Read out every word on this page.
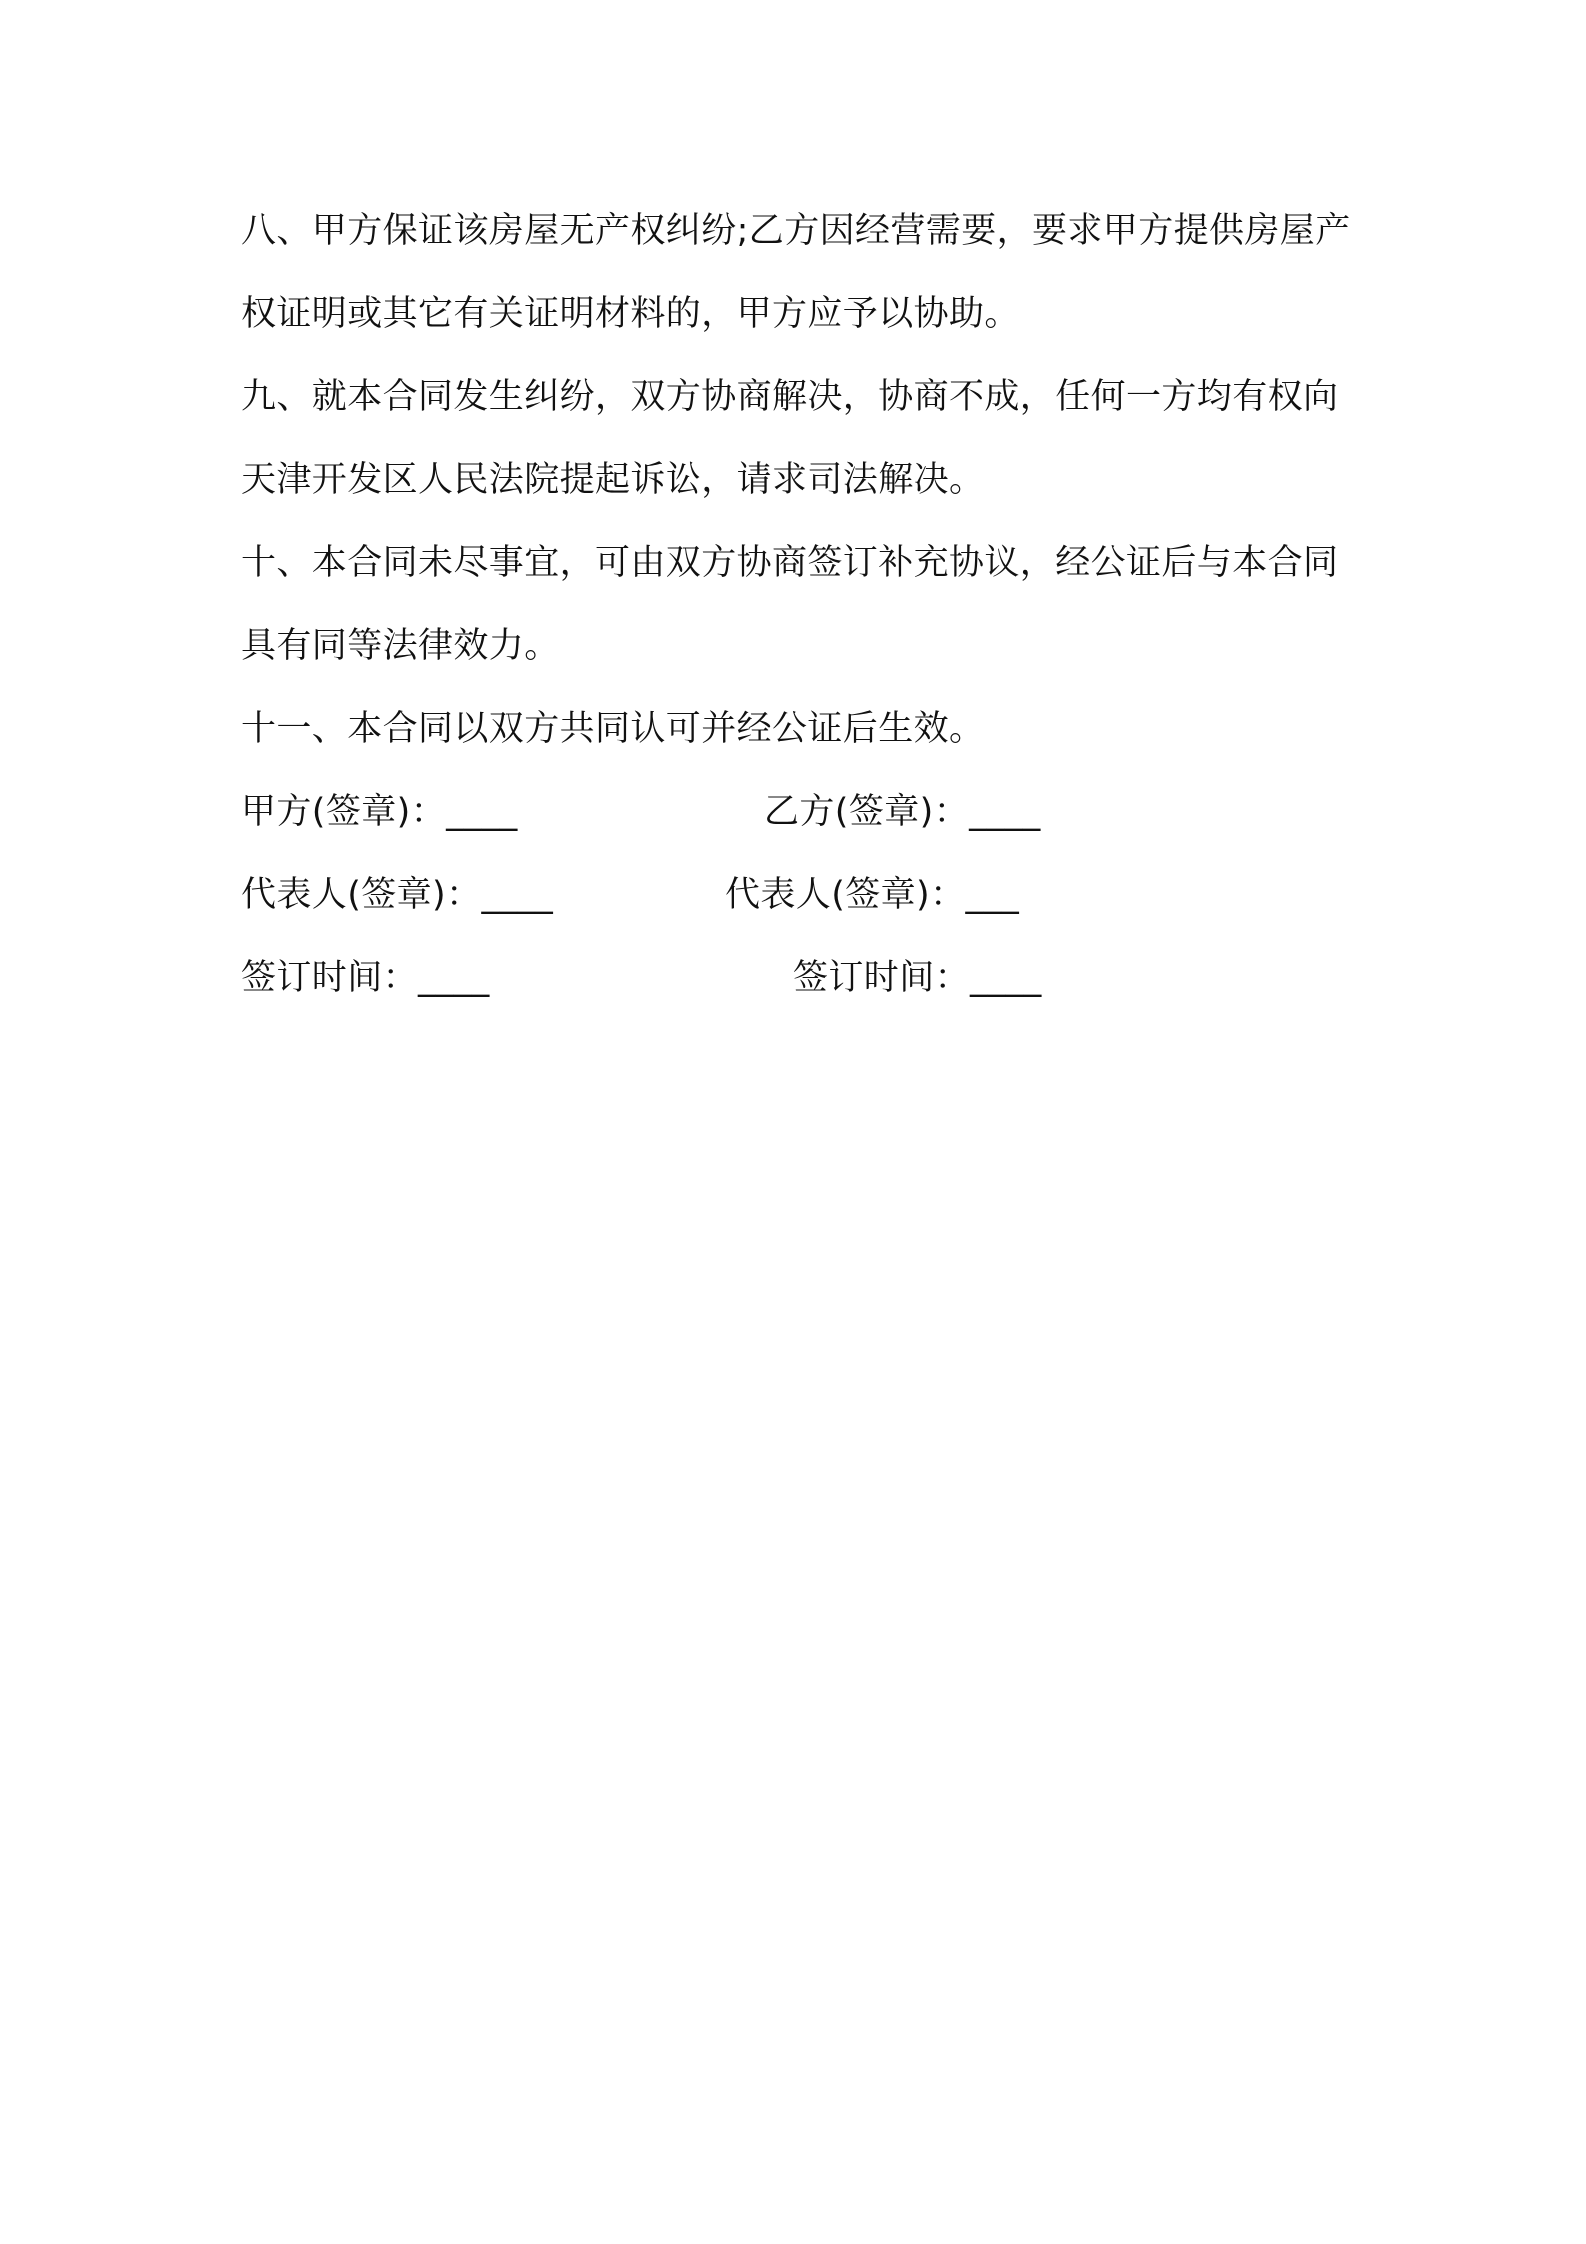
八、甲方保证该房屋无产权纠纷;乙方因经营需要，要求甲方提供房屋产权证明或其它有关证明材料的，甲方应予以协助。

九、就本合同发生纠纷，双方协商解决，协商不成，任何一方均有权向天津开发区人民法院提起诉讼，请求司法解决。

十、本合同未尽事宜，可由双方协商签订补充协议，经公证后与本合同具有同等法律效力。

十一、本合同以双方共同认可并经公证后生效。

甲方(签章)：____	乙方(签章)：____
代表人(签章)：____	代表人(签章)：___
签订时间：____	签订时间：____
